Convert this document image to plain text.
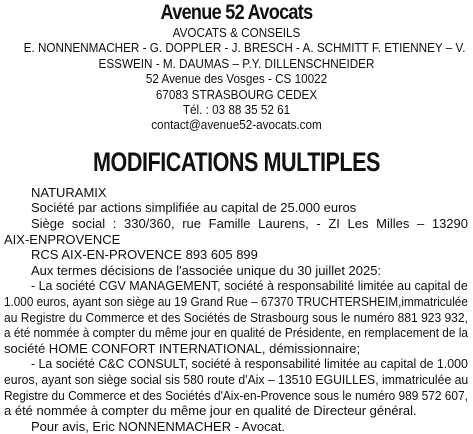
Avenue 52 Avocats
AVOCATS & CONSEILS
E. NONNENMACHER - G. DOPPLER - J. BRESCH - A. SCHMITT F. ETIENNEY – V.
ESSWEIN - M. DAUMAS – P.Y. DILLENSCHNEIDER
52 Avenue des Vosges - CS 10022
67083 STRASBOURG CEDEX
Tél. : 03 88 35 52 61
contact@avenue52-avocats.com
MODIFICATIONS MULTIPLES
NATURAMIX
Société par actions simplifiée au capital de 25.000 euros
Siège social : 330/360, rue Famille Laurens, - ZI Les Milles – 13290
AIX-ENPROVENCE
RCS AIX-EN-PROVENCE 893 605 899
Aux termes décisions de l'associée unique du 30 juillet 2025:
- La société CGV MANAGEMENT, société à responsabilité limitée au capital de
1.000 euros, ayant son siège au 19 Grand Rue – 67370 TRUCHTERSHEIM,immatriculée
au Registre du Commerce et des Sociétés de Strasbourg sous le numéro 881 923 932,
a été nommée à compter du même jour en qualité de Présidente, en remplacement de la
société HOME CONFORT INTERNATIONAL, démissionnaire;
- La société C&C CONSULT, société à responsabilité limitée au capital de 1.000
euros, ayant son siège social sis 580 route d'Aix – 13510 EGUILLES, immatriculée au
Registre du Commerce et des Sociétés d'Aix-en-Provence sous le numéro 989 572 607,
a été nommée à compter du même jour en qualité de Directeur général.
Pour avis, Eric NONNENMACHER - Avocat.
